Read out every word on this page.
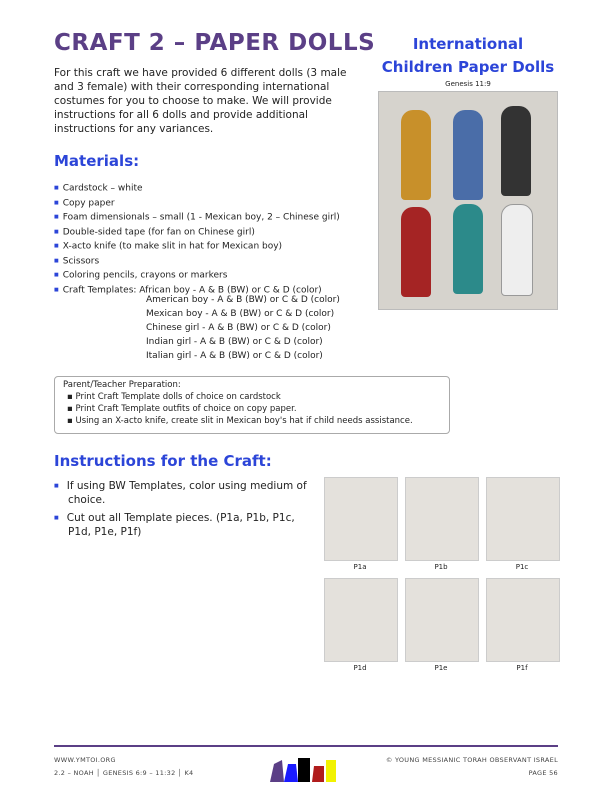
CRAFT 2 – PAPER DOLLS
For this craft we have provided 6 different dolls (3 male and 3 female) with their corresponding international costumes for you to choose to make. We will provide instructions for all 6 dolls and provide additional instructions for any variances.
International Children Paper Dolls
Genesis 11:9
Materials:
■ Cardstock – white
■ Copy paper
■ Foam dimensionals – small (1 - Mexican boy, 2 – Chinese girl)
■ Double-sided tape (for fan on Chinese girl)
■ X-acto knife (to make slit in hat for Mexican boy)
■ Scissors
■ Coloring pencils, crayons or markers
■ Craft Templates: African boy - A & B (BW) or C & D (color)
American boy - A & B (BW) or C & D (color)
Mexican boy - A & B (BW) or C & D (color)
Chinese girl - A & B (BW) or C & D (color)
Indian girl - A & B (BW) or C & D (color)
Italian girl - A & B (BW) or C & D (color)
Parent/Teacher Preparation:
▪ Print Craft Template dolls of choice on cardstock
▪ Print Craft Template outfits of choice on copy paper.
▪ Using an X-acto knife, create slit in Mexican boy's hat if child needs assistance.
Instructions for the Craft:
■ If using BW Templates, color using medium of choice.
■ Cut out all Template pieces. (P1a, P1b, P1c, P1d, P1e, P1f)
P1a	P1b	P1c
P1d	P1e	P1f
WWW.YMTOI.ORG
2.2 – NOAH │ GENESIS 6:9 – 11:32 │ K4
© YOUNG MESSIANIC TORAH OBSERVANT ISRAEL
PAGE 56
